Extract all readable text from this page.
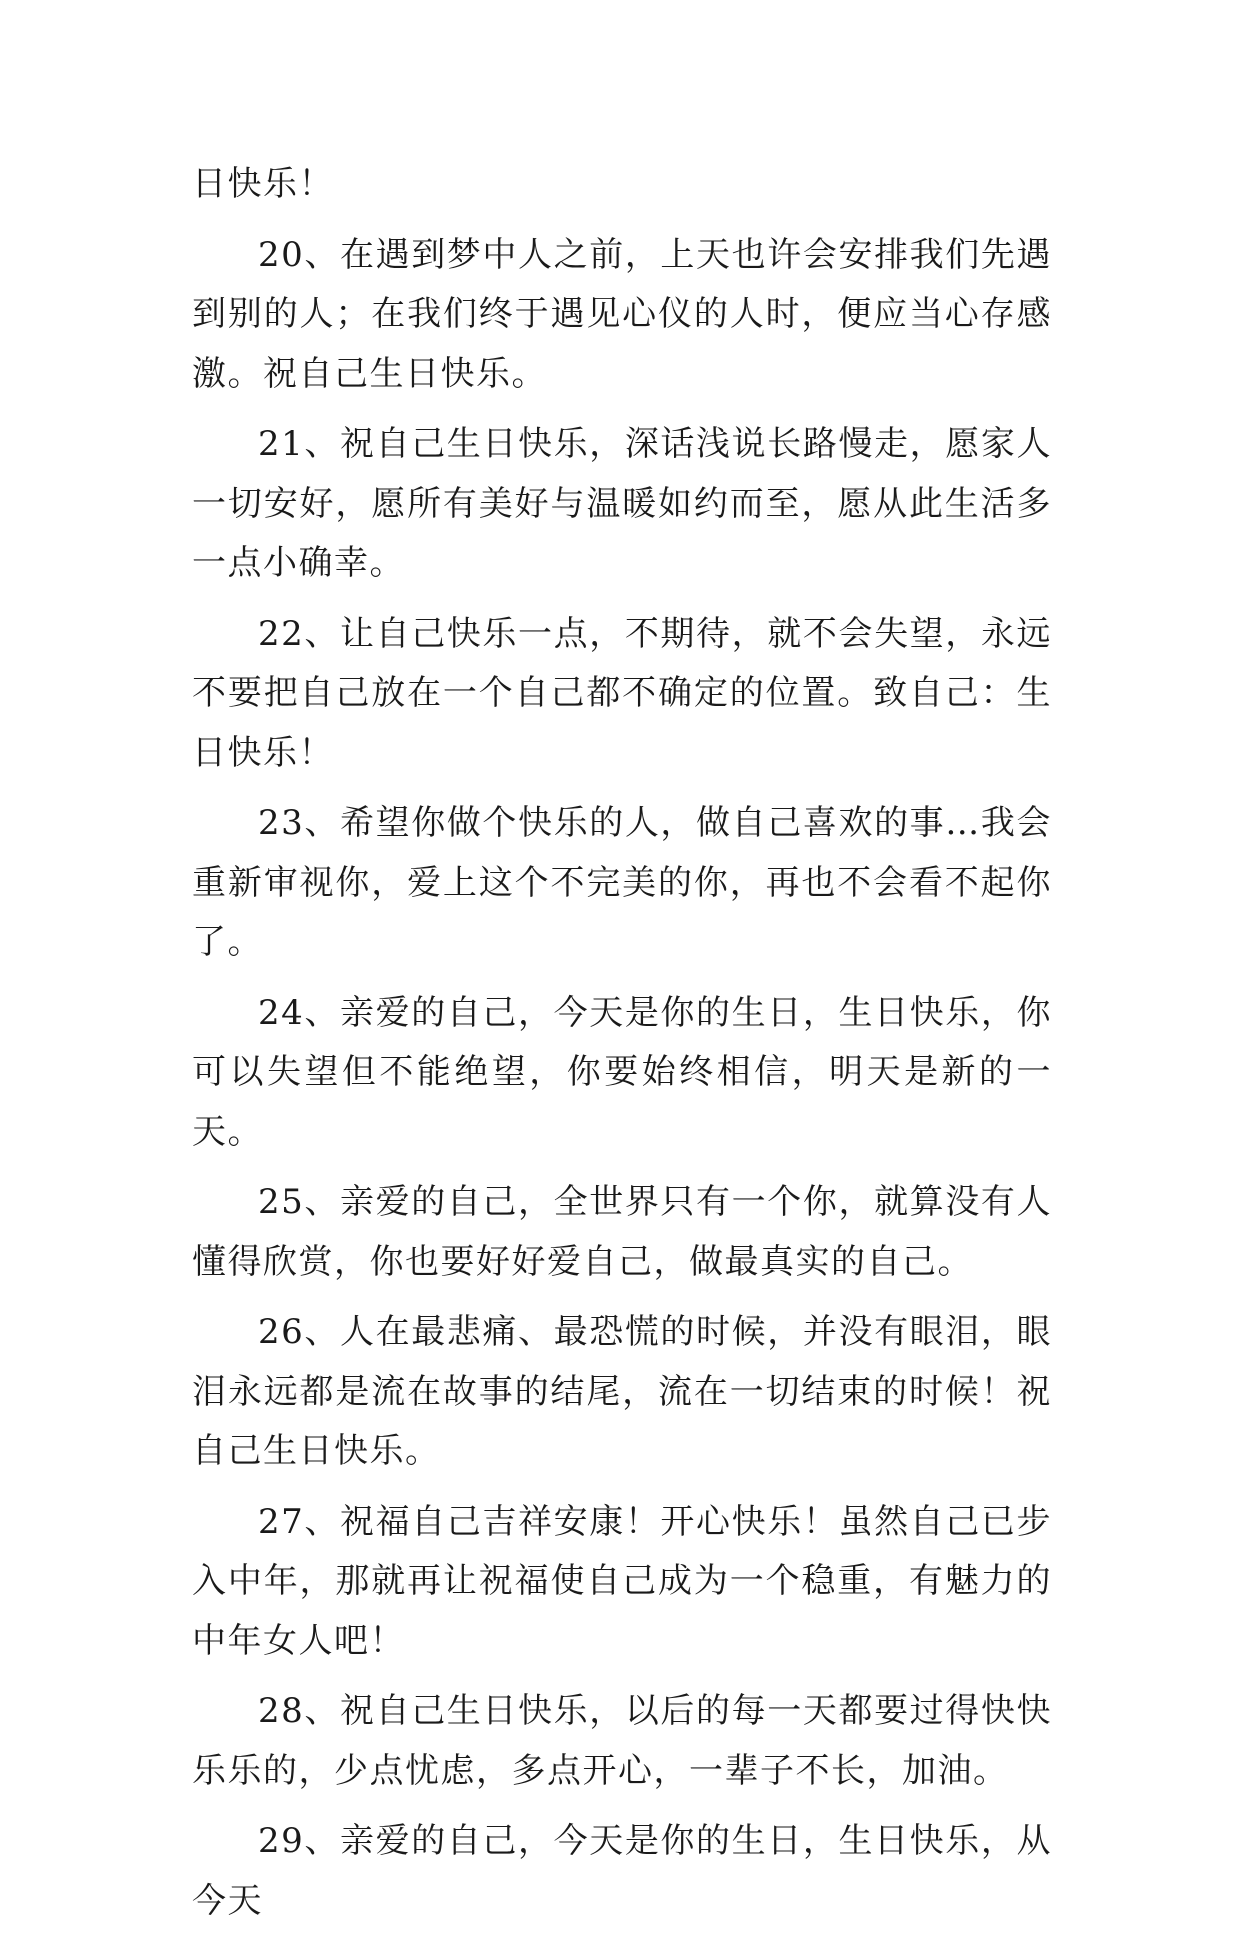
日快乐！

20、在遇到梦中人之前，上天也许会安排我们先遇到别的人；在我们终于遇见心仪的人时，便应当心存感激。祝自己生日快乐。

21、祝自己生日快乐，深话浅说长路慢走，愿家人一切安好，愿所有美好与温暖如约而至，愿从此生活多一点小确幸。

22、让自己快乐一点，不期待，就不会失望，永远不要把自己放在一个自己都不确定的位置。致自己：生日快乐！

23、希望你做个快乐的人，做自己喜欢的事…我会重新审视你，爱上这个不完美的你，再也不会看不起你了。

24、亲爱的自己，今天是你的生日，生日快乐，你可以失望但不能绝望，你要始终相信，明天是新的一天。

25、亲爱的自己，全世界只有一个你，就算没有人懂得欣赏，你也要好好爱自己，做最真实的自己。

26、人在最悲痛、最恐慌的时候，并没有眼泪，眼泪永远都是流在故事的结尾，流在一切结束的时候！祝自己生日快乐。

27、祝福自己吉祥安康！开心快乐！虽然自己已步入中年，那就再让祝福使自己成为一个稳重，有魅力的中年女人吧！

28、祝自己生日快乐，以后的每一天都要过得快快乐乐的，少点忧虑，多点开心，一辈子不长，加油。

29、亲爱的自己，今天是你的生日，生日快乐，从今天
